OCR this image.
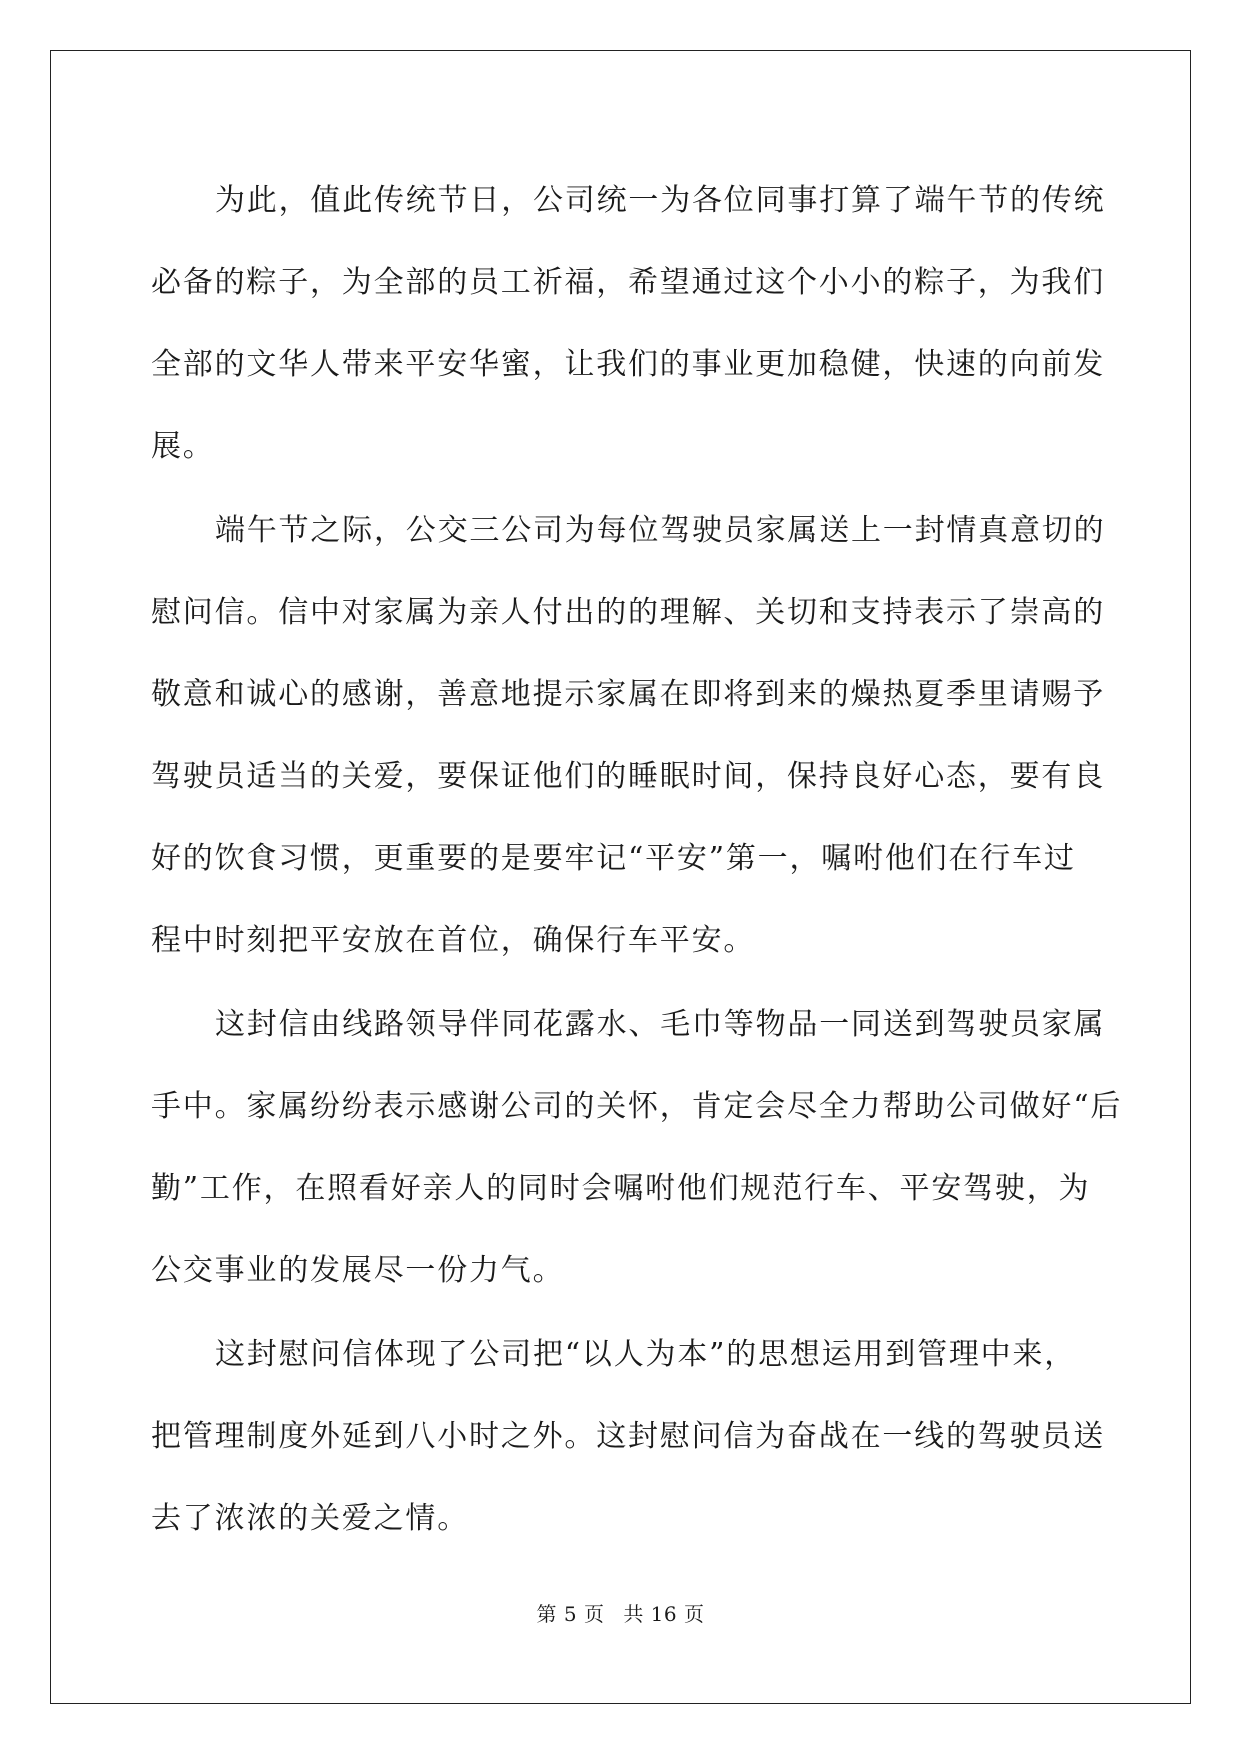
为此，值此传统节日，公司统一为各位同事打算了端午节的传统
必备的粽子，为全部的员工祈福，希望通过这个小小的粽子，为我们
全部的文华人带来平安华蜜，让我们的事业更加稳健，快速的向前发
展。
端午节之际，公交三公司为每位驾驶员家属送上一封情真意切的
慰问信。信中对家属为亲人付出的的理解、关切和支持表示了崇高的
敬意和诚心的感谢，善意地提示家属在即将到来的燥热夏季里请赐予
驾驶员适当的关爱，要保证他们的睡眠时间，保持良好心态，要有良
好的饮食习惯，更重要的是要牢记“平安”第一，嘱咐他们在行车过
程中时刻把平安放在首位，确保行车平安。
这封信由线路领导伴同花露水、毛巾等物品一同送到驾驶员家属
手中。家属纷纷表示感谢公司的关怀，肯定会尽全力帮助公司做好“后
勤”工作，在照看好亲人的同时会嘱咐他们规范行车、平安驾驶，为
公交事业的发展尽一份力气。
这封慰问信体现了公司把“以人为本”的思想运用到管理中来，
把管理制度外延到八小时之外。这封慰问信为奋战在一线的驾驶员送
去了浓浓的关爱之情。
第 5 页 共 16 页
